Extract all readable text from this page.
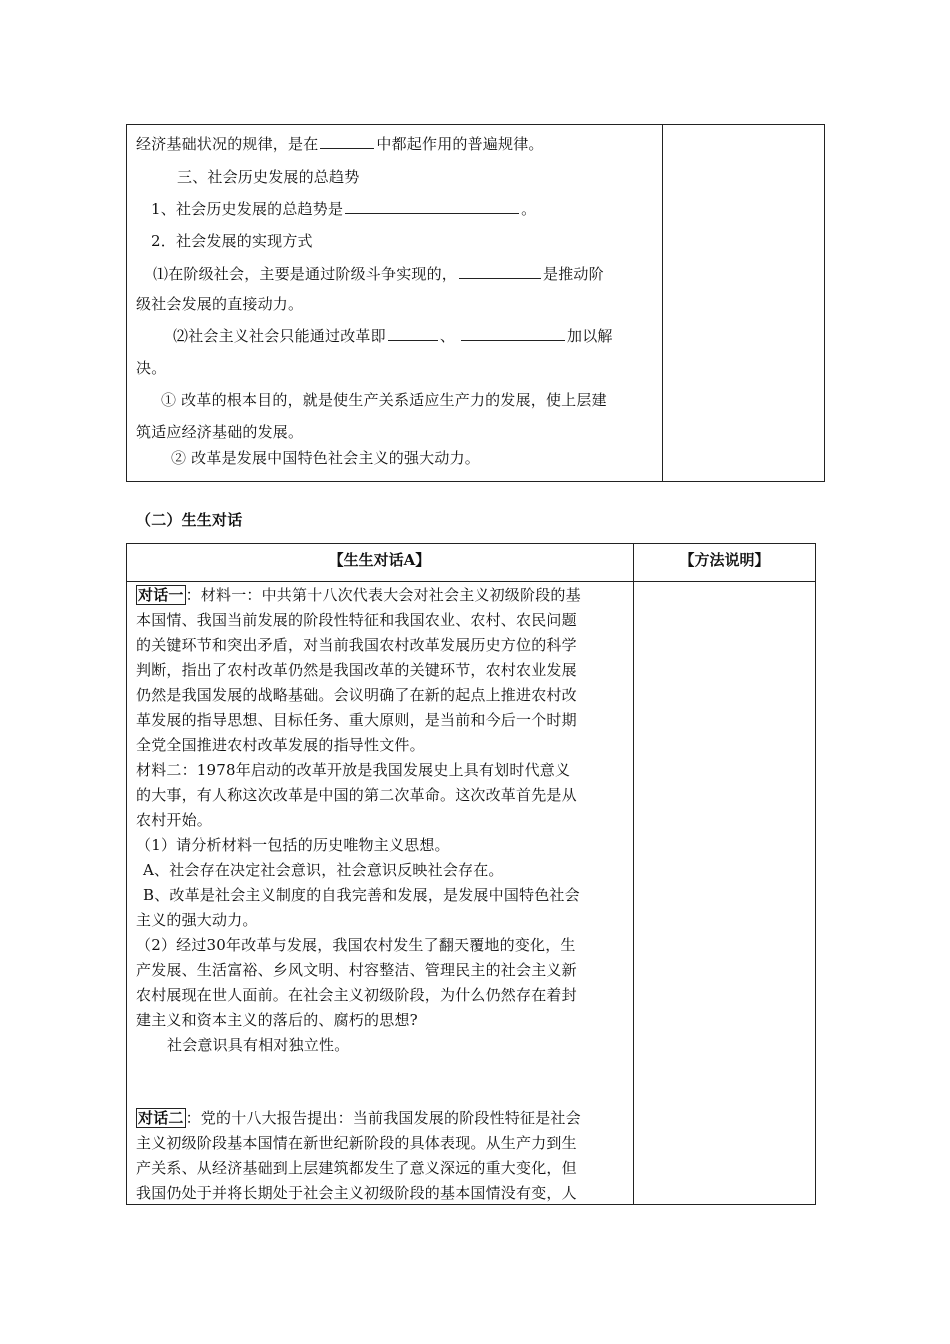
经济基础状况的规律，是在	中都起作用的普遍规律。
三、社会历史发展的总趋势
1、社会历史发展的总趋势是	。
2．社会发展的实现方式
⑴在阶级社会，主要是通过阶级斗争实现的，	是推动阶
级社会发展的直接动力。
⑵社会主义社会只能通过改革即	、	加以解
决。
① 改革的根本目的，就是使生产关系适应生产力的发展，使上层建
筑适应经济基础的发展。
② 改革是发展中国特色社会主义的强大动力。
（二）生生对话
【生生对话A】	【方法说明】
对话一 ：材料一：中共第十八次代表大会对社会主义初级阶段的基
本国情、我国当前发展的阶段性特征和我国农业、农村、农民问题
的关键环节和突出矛盾，对当前我国农村改革发展历史方位的科学
判断，指出了农村改革仍然是我国改革的关键环节，农村农业发展
仍然是我国发展的战略基础。会议明确了在新的起点上推进农村改
革发展的指导思想、目标任务、重大原则，是当前和今后一个时期
全党全国推进农村改革发展的指导性文件。
材料二：1978年启动的改革开放是我国发展史上具有划时代意义
的大事，有人称这次改革是中国的第二次革命。这次改革首先是从
农村开始。
（1）请分析材料一包括的历史唯物主义思想。
A、社会存在决定社会意识，社会意识反映社会存在。
B、改革是社会主义制度的自我完善和发展，是发展中国特色社会
主义的强大动力。
（2）经过30年改革与发展，我国农村发生了翻天覆地的变化，生
产发展、生活富裕、乡风文明、村容整洁、管理民主的社会主义新
农村展现在世人面前。在社会主义初级阶段，为什么仍然存在着封
建主义和资本主义的落后的、腐朽的思想?
社会意识具有相对独立性。
对话二 ：党的十八大报告提出：当前我国发展的阶段性特征是社会
主义初级阶段基本国情在新世纪新阶段的具体表现。从生产力到生
产关系、从经济基础到上层建筑都发生了意义深远的重大变化，但
我国仍处于并将长期处于社会主义初级阶段的基本国情没有变，人
